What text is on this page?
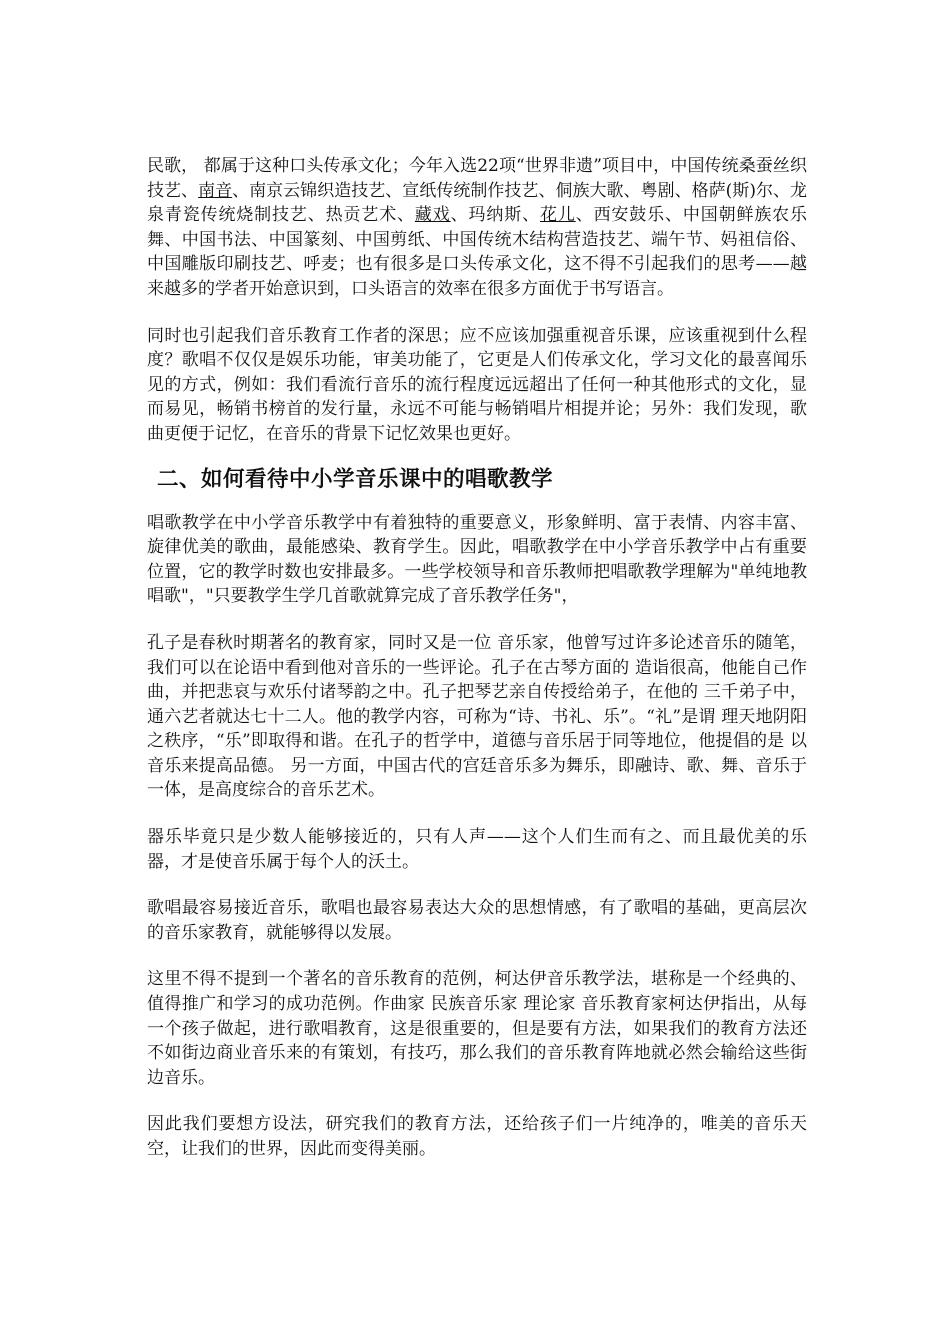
民歌， 都属于这种口头传承文化；今年入选22项“世界非遗”项目中，中国传统桑蚕丝织技艺、南音、南京云锦织造技艺、宣纸传统制作技艺、侗族大歌、粤剧、格萨(斯)尔、龙泉青瓷传统烧制技艺、热贡艺术、藏戏、玛纳斯、花儿、西安鼓乐、中国朝鲜族农乐舞、中国书法、中国篆刻、中国剪纸、中国传统木结构营造技艺、端午节、妈祖信俗、中国雕版印刷技艺、呼麦；也有很多是口头传承文化，这不得不引起我们的思考——越来越多的学者开始意识到，口头语言的效率在很多方面优于书写语言。

同时也引起我们音乐教育工作者的深思；应不应该加强重视音乐课，应该重视到什么程度？歌唱不仅仅是娱乐功能，审美功能了，它更是人们传承文化，学习文化的最喜闻乐见的方式，例如：我们看流行音乐的流行程度远远超出了任何一种其他形式的文化，显而易见，畅销书榜首的发行量，永远不可能与畅销唱片相提并论；另外：我们发现，歌曲更便于记忆，在音乐的背景下记忆效果也更好。

二、如何看待中小学音乐课中的唱歌教学

唱歌教学在中小学音乐教学中有着独特的重要意义，形象鲜明、富于表情、内容丰富、旋律优美的歌曲，最能感染、教育学生。因此，唱歌教学在中小学音乐教学中占有重要位置，它的教学时数也安排最多。一些学校领导和音乐教师把唱歌教学理解为"单纯地教唱歌"，"只要教学生学几首歌就算完成了音乐教学任务"，

孔子是春秋时期著名的教育家，同时又是一位 音乐家，他曾写过许多论述音乐的随笔，我们可以在论语中看到他对音乐的一些评论。孔子在古琴方面的 造诣很高，他能自己作曲，并把悲哀与欢乐付诸琴韵之中。孔子把琴艺亲自传授给弟子，在他的 三千弟子中，通六艺者就达七十二人。他的教学内容，可称为“诗、书礼、乐”。“礼”是谓 理天地阴阳之秩序，“乐”即取得和谐。在孔子的哲学中，道德与音乐居于同等地位，他提倡的是 以音乐来提高品德。 另一方面，中国古代的宫廷音乐多为舞乐，即融诗、歌、舞、音乐于一体，是高度综合的音乐艺术。

器乐毕竟只是少数人能够接近的，只有人声——这个人们生而有之、而且最优美的乐器，才是使音乐属于每个人的沃土。

歌唱最容易接近音乐，歌唱也最容易表达大众的思想情感，有了歌唱的基础，更高层次的音乐家教育，就能够得以发展。

这里不得不提到一个著名的音乐教育的范例，柯达伊音乐教学法，堪称是一个经典的、值得推广和学习的成功范例。作曲家 民族音乐家 理论家 音乐教育家柯达伊指出，从每一个孩子做起，进行歌唱教育，这是很重要的，但是要有方法，如果我们的教育方法还不如街边商业音乐来的有策划，有技巧，那么我们的音乐教育阵地就必然会输给这些街边音乐。

因此我们要想方设法，研究我们的教育方法，还给孩子们一片纯净的，唯美的音乐天空，让我们的世界，因此而变得美丽。
